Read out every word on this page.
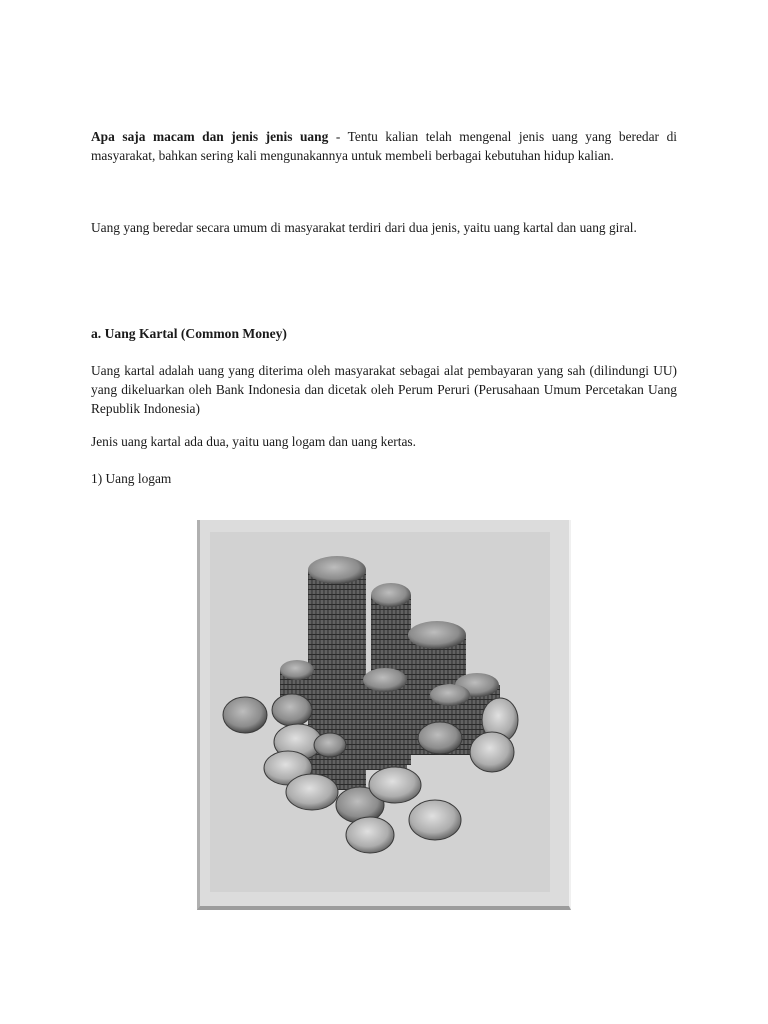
Apa saja macam dan jenis jenis uang - Tentu kalian telah mengenal jenis uang yang beredar di masyarakat, bahkan sering kali mengunakannya untuk membeli berbagai kebutuhan hidup kalian.

Uang yang beredar secara umum di masyarakat terdiri dari dua jenis, yaitu uang kartal dan uang giral.

a. Uang Kartal (Common Money)

Uang kartal adalah uang yang diterima oleh masyarakat sebagai alat pembayaran yang sah (dilindungi UU) yang dikeluarkan oleh Bank Indonesia dan dicetak oleh Perum Peruri (Perusahaan Umum Percetakan Uang Republik Indonesia)

Jenis uang kartal ada dua, yaitu uang logam dan uang kertas.

1) Uang logam
